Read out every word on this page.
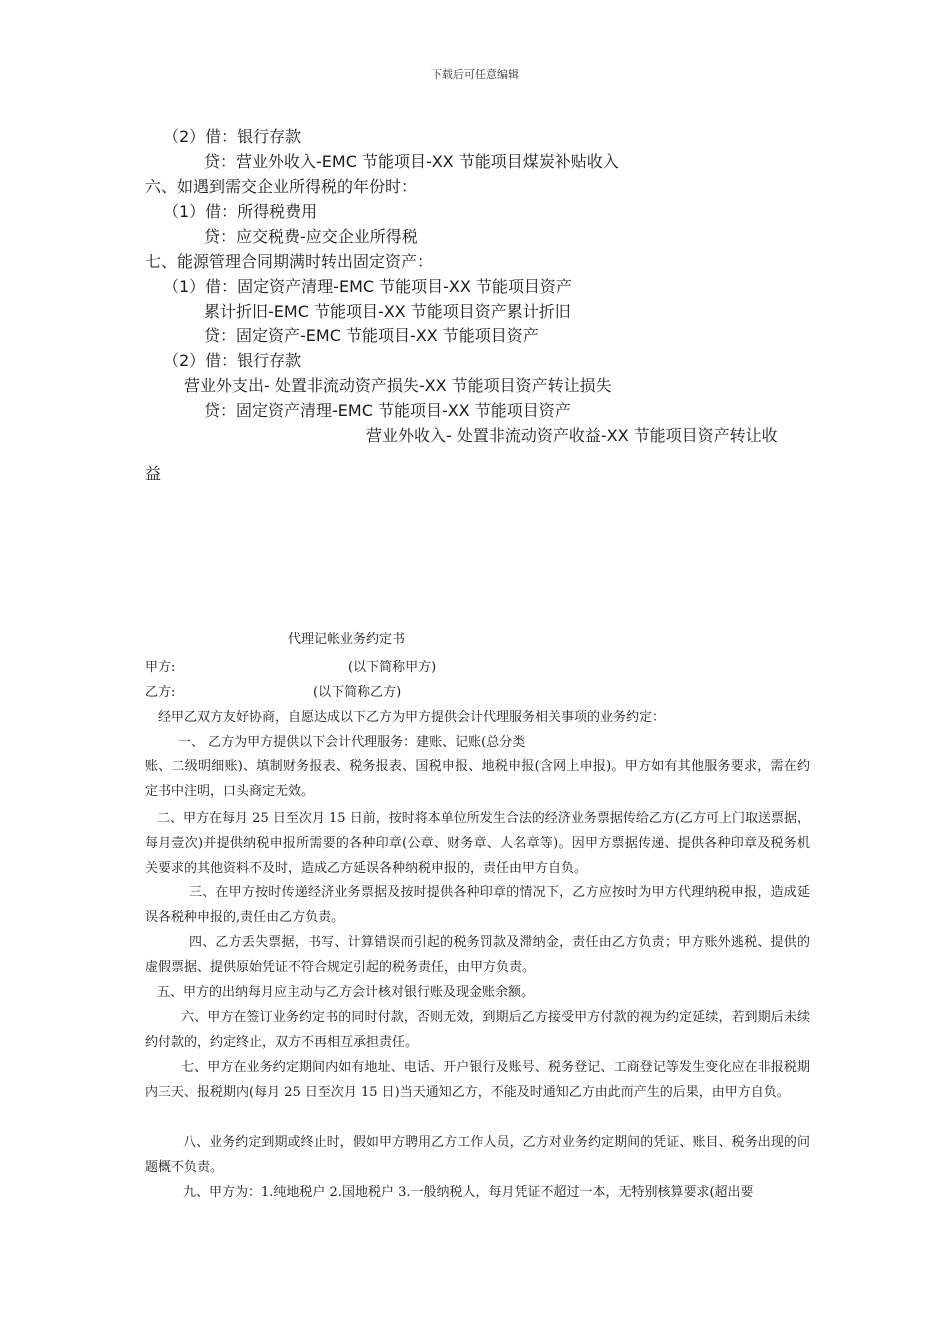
下载后可任意编辑
（2）借：银行存款
贷：营业外收入-EMC 节能项目-XX 节能项目煤炭补贴收入
六、如遇到需交企业所得税的年份时：
（1）借：所得税费用
贷：应交税费-应交企业所得税
七、能源管理合同期满时转出固定资产：
（1）借：固定资产清理-EMC 节能项目-XX 节能项目资产
累计折旧-EMC 节能项目-XX 节能项目资产累计折旧
贷：固定资产-EMC 节能项目-XX 节能项目资产
（2）借：银行存款
营业外支出- 处置非流动资产损失-XX 节能项目资产转让损失
贷：固定资产清理-EMC 节能项目-XX 节能项目资产
营业外收入- 处置非流动资产收益-XX 节能项目资产转让收
益
代理记帐业务约定书
甲方:	(以下简称甲方)
乙方:	(以下简称乙方)
经甲乙双方友好协商，自愿达成以下乙方为甲方提供会计代理服务相关事项的业务约定：
一、 乙方为甲方提供以下会计代理服务：建账、记账(总分类
账、二级明细账)、填制财务报表、税务报表、国税申报、地税申报(含网上申报)。甲方如有其他服务要求，需在约定书中注明，口头商定无效。
二、甲方在每月 25 日至次月 15 日前，按时将本单位所发生合法的经济业务票据传给乙方(乙方可上门取送票据，每月壹次)并提供纳税申报所需要的各种印章(公章、财务章、人名章等)。因甲方票据传递、提供各种印章及税务机关要求的其他资料不及时，造成乙方延误各种纳税申报的，责任由甲方自负。
三、在甲方按时传递经济业务票据及按时提供各种印章的情况下，乙方应按时为甲方代理纳税申报，造成延误各税种申报的,责任由乙方负责。
四、乙方丢失票据，书写、计算错误而引起的税务罚款及滞纳金，责任由乙方负责；甲方账外逃税、提供的虚假票据、提供原始凭证不符合规定引起的税务责任，由甲方负责。
五、甲方的出纳每月应主动与乙方会计核对银行账及现金账余额。
六、甲方在签订业务约定书的同时付款，否则无效，到期后乙方接受甲方付款的视为约定延续，若到期后未续约付款的，约定终止，双方不再相互承担责任。
七、甲方在业务约定期间内如有地址、电话、开户银行及账号、税务登记、工商登记等发生变化应在非报税期内三天、报税期内(每月 25 日至次月 15 日)当天通知乙方，不能及时通知乙方由此而产生的后果，由甲方自负。
八、业务约定到期或终止时，假如甲方聘用乙方工作人员，乙方对业务约定期间的凭证、账目、税务出现的问题概不负责。
九、甲方为：1.纯地税户 2.国地税户 3.一般纳税人，每月凭证不超过一本，无特别核算要求(超出要
